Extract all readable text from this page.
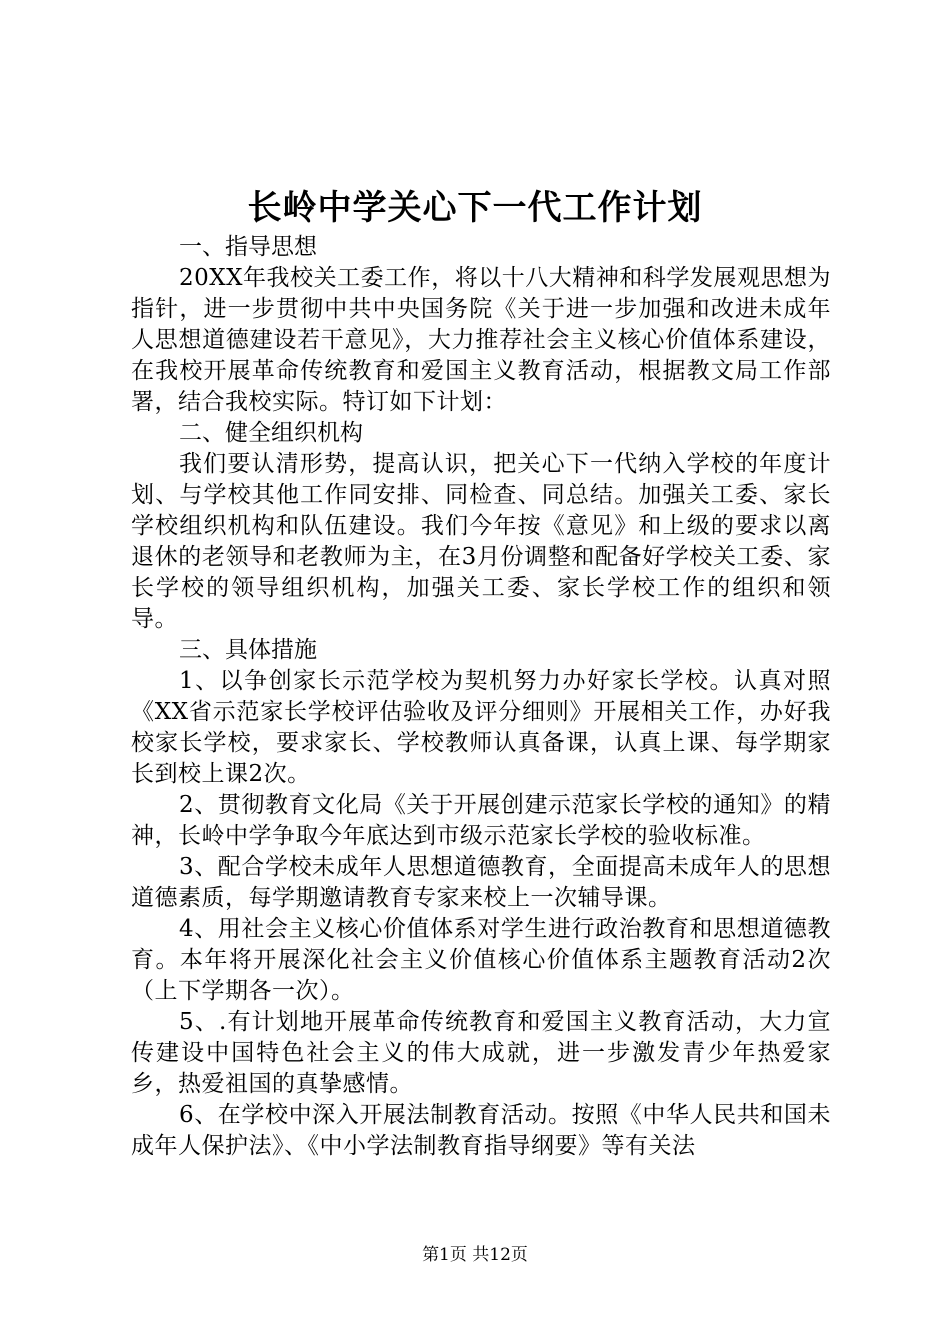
长岭中学关心下一代工作计划

一、指导思想

20XX年我校关工委工作，将以十八大精神和科学发展观思想为指针，进一步贯彻中共中央国务院《关于进一步加强和改进未成年人思想道德建设若干意见》，大力推荐社会主义核心价值体系建设，在我校开展革命传统教育和爱国主义教育活动，根据教文局工作部署，结合我校实际。特订如下计划：

二、健全组织机构

我们要认清形势，提高认识，把关心下一代纳入学校的年度计划、与学校其他工作同安排、同检查、同总结。加强关工委、家长学校组织机构和队伍建设。我们今年按《意见》和上级的要求以离退休的老领导和老教师为主，在3月份调整和配备好学校关工委、家长学校的领导组织机构，加强关工委、家长学校工作的组织和领导。

三、具体措施

1、以争创家长示范学校为契机努力办好家长学校。认真对照《XX省示范家长学校评估验收及评分细则》开展相关工作，办好我校家长学校，要求家长、学校教师认真备课，认真上课、每学期家长到校上课2次。

2、贯彻教育文化局《关于开展创建示范家长学校的通知》的精神，长岭中学争取今年底达到市级示范家长学校的验收标准。

3、配合学校未成年人思想道德教育，全面提高未成年人的思想道德素质，每学期邀请教育专家来校上一次辅导课。

4、用社会主义核心价值体系对学生进行政治教育和思想道德教育。本年将开展深化社会主义价值核心价值体系主题教育活动2次（上下学期各一次）。

5、.有计划地开展革命传统教育和爱国主义教育活动，大力宣传建设中国特色社会主义的伟大成就，进一步激发青少年热爱家乡，热爱祖国的真挚感情。

6、在学校中深入开展法制教育活动。按照《中华人民共和国未成年人保护法》、《中小学法制教育指导纲要》等有关法

第1页 共12页
